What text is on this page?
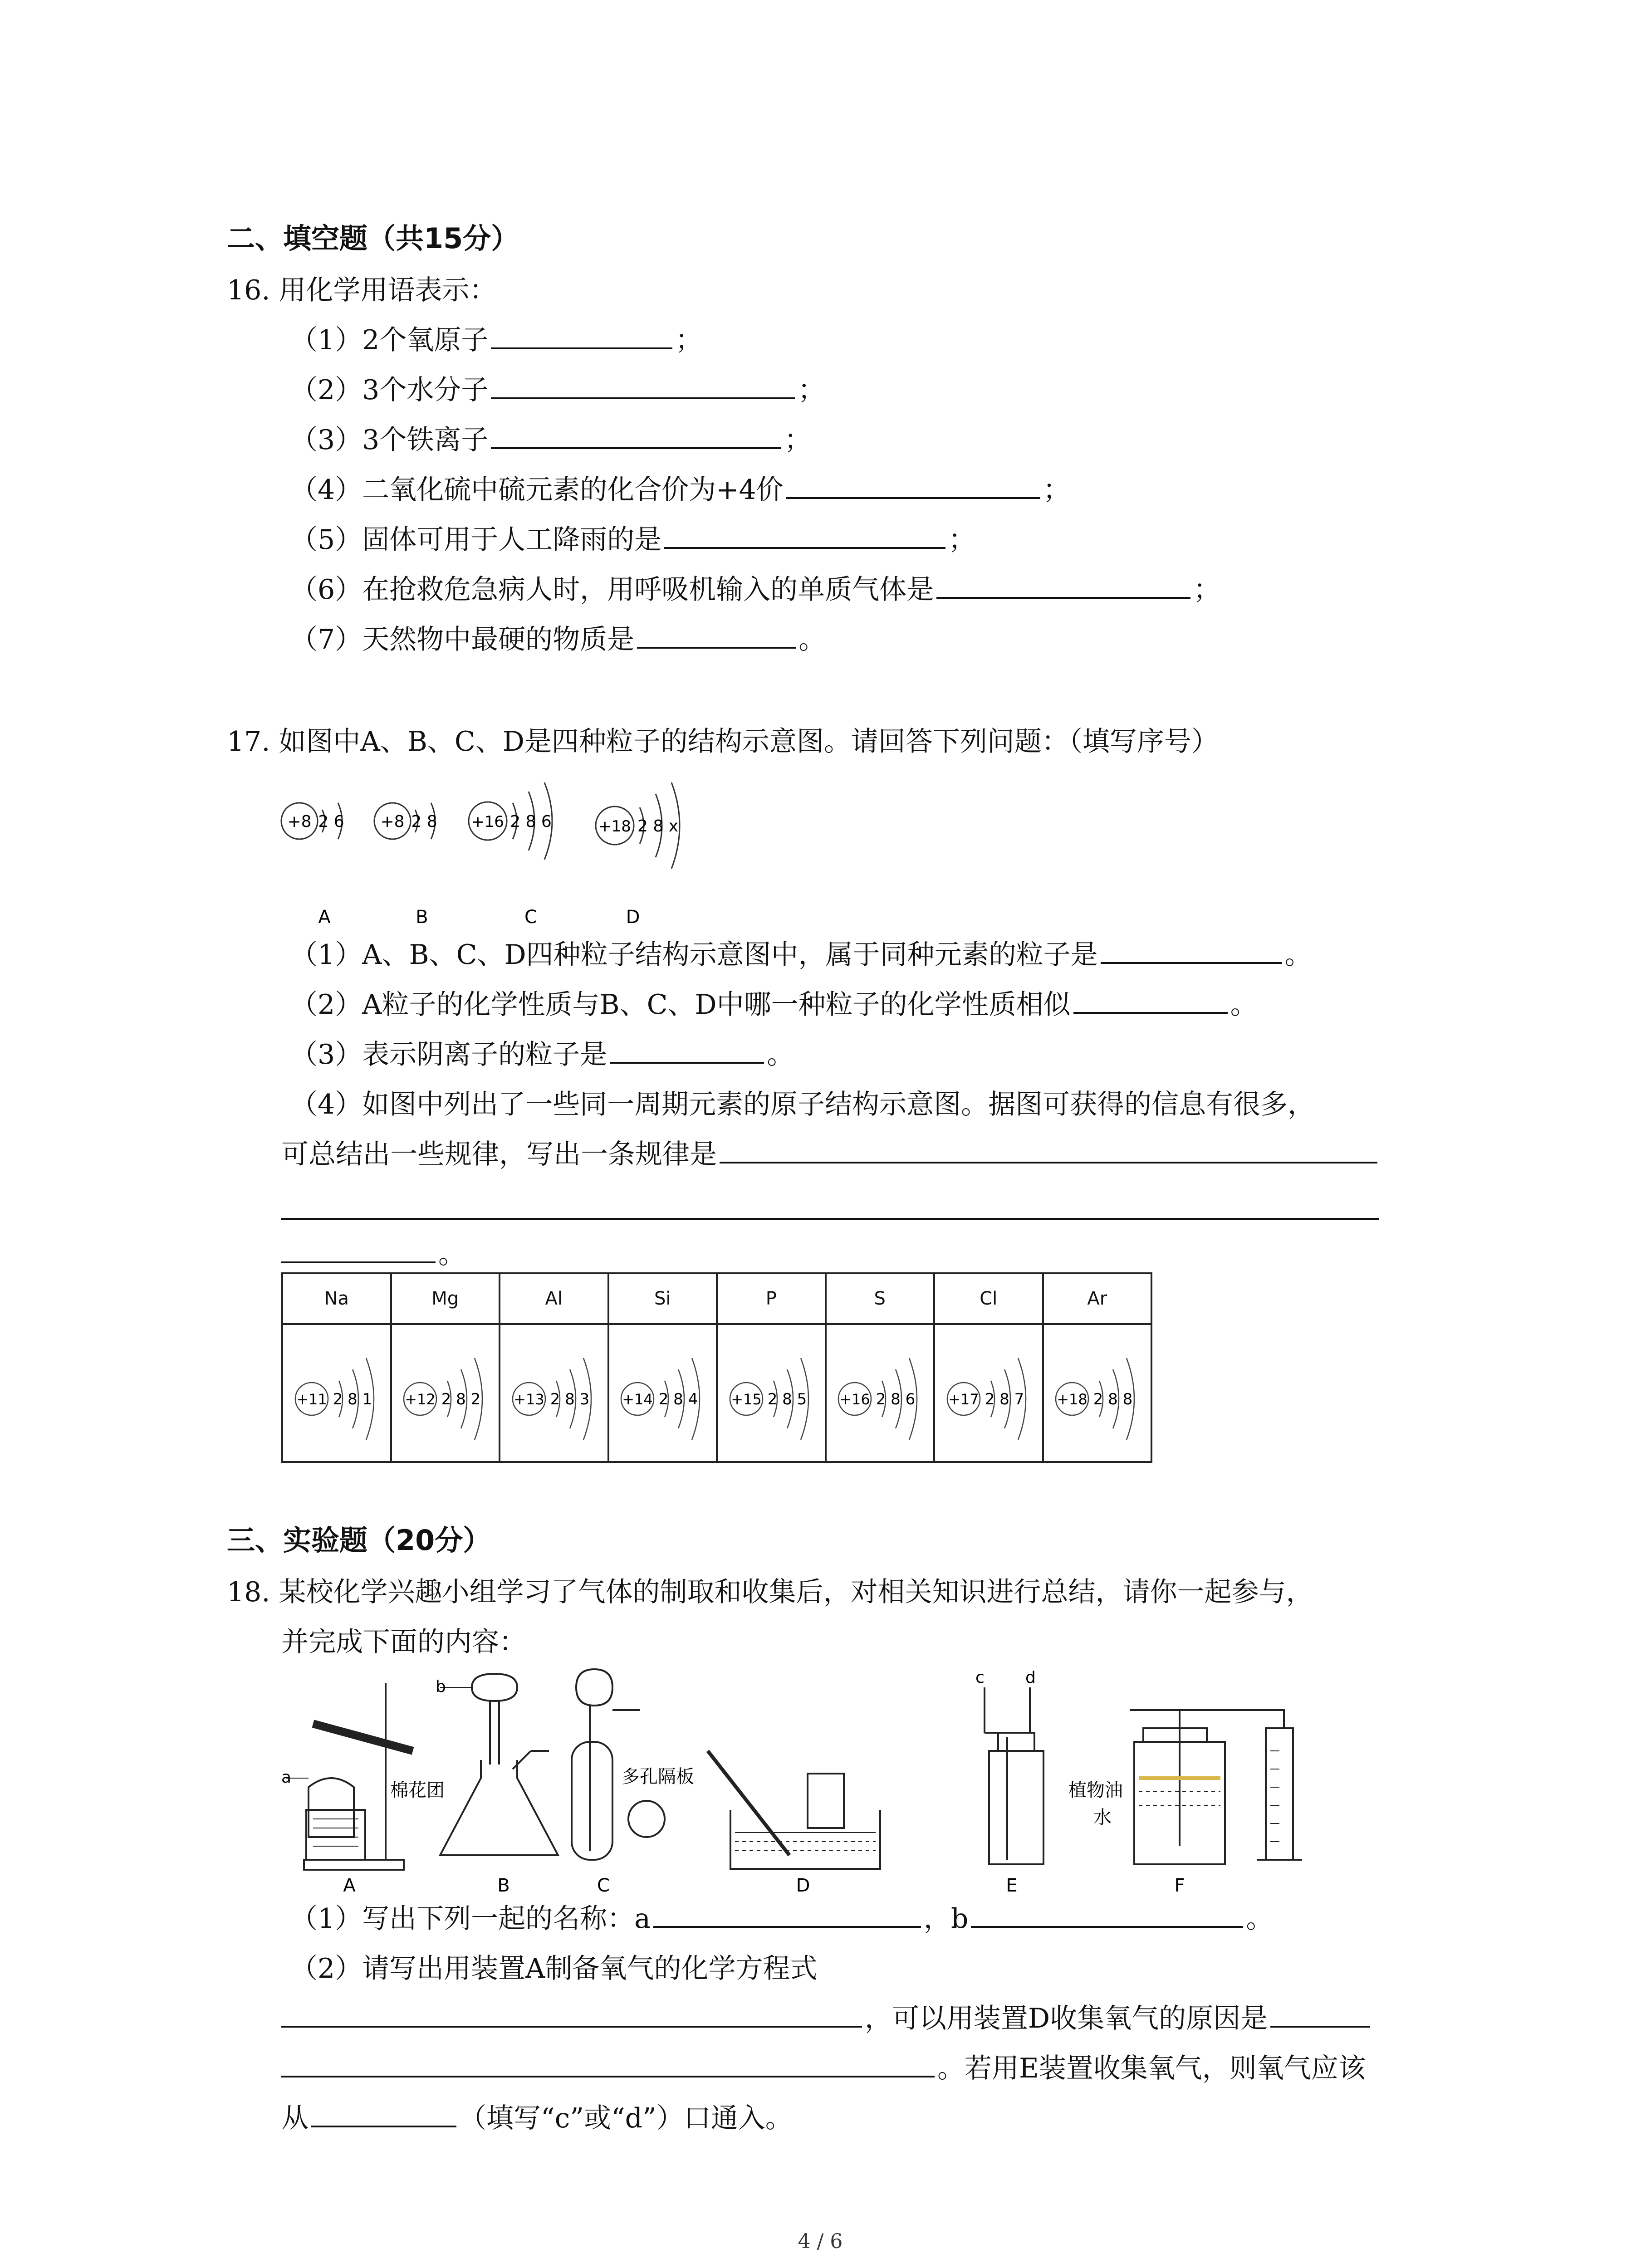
二、填空题（共15分）
16. 用化学用语表示：
（1）2个氧原子	；
（2）3个水分子	；
（3）3个铁离子	；
（4）二氧化硫中硫元素的化合价为+4价	；
（5）固体可用于人工降雨的是	；
（6）在抢救危急病人时，用呼吸机输入的单质气体是	；
（7）天然物中最硬的物质是	。
17. 如图中A、B、C、D是四种粒子的结构示意图。请回答下列问题：（填写序号）
+8 2 6 +8 2 8 +16 2 8 6	+18 2 8 x
A	B	C	D
（1）A、B、C、D四种粒子结构示意图中，属于同种元素的粒子是	。
（2）A粒子的化学性质与B、C、D中哪一种粒子的化学性质相似	。
（3）表示阴离子的粒子是	。
（4）如图中列出了一些同一周期元素的原子结构示意图。据图可获得的信息有很多，
可总结出一些规律，写出一条规律是
。
Na	Mg	Al	Si	P	S	Cl	Ar

+11 2 8 1	+12 2 8 2	+13 2 8 3	+14 2 8 4	+15 2 8 5	+16 2 8 6	+17 2 8 7	+18 2 8 8
三、实验题（20分）
18. 某校化学兴趣小组学习了气体的制取和收集后，对相关知识进行总结，请你一起参与，
并完成下面的内容：
a
b	c	d
棉花团
多孔隔板
植物油
水
A	B	C	D	E	F
（1）写出下列一起的名称：a	，b	。
（2）请写出用装置A制备氧气的化学方程式
，可以用装置D收集氧气的原因是
。若用E装置收集氧气，则氧气应该
从	（填写“c”或“d”）口通入。
4 / 6
